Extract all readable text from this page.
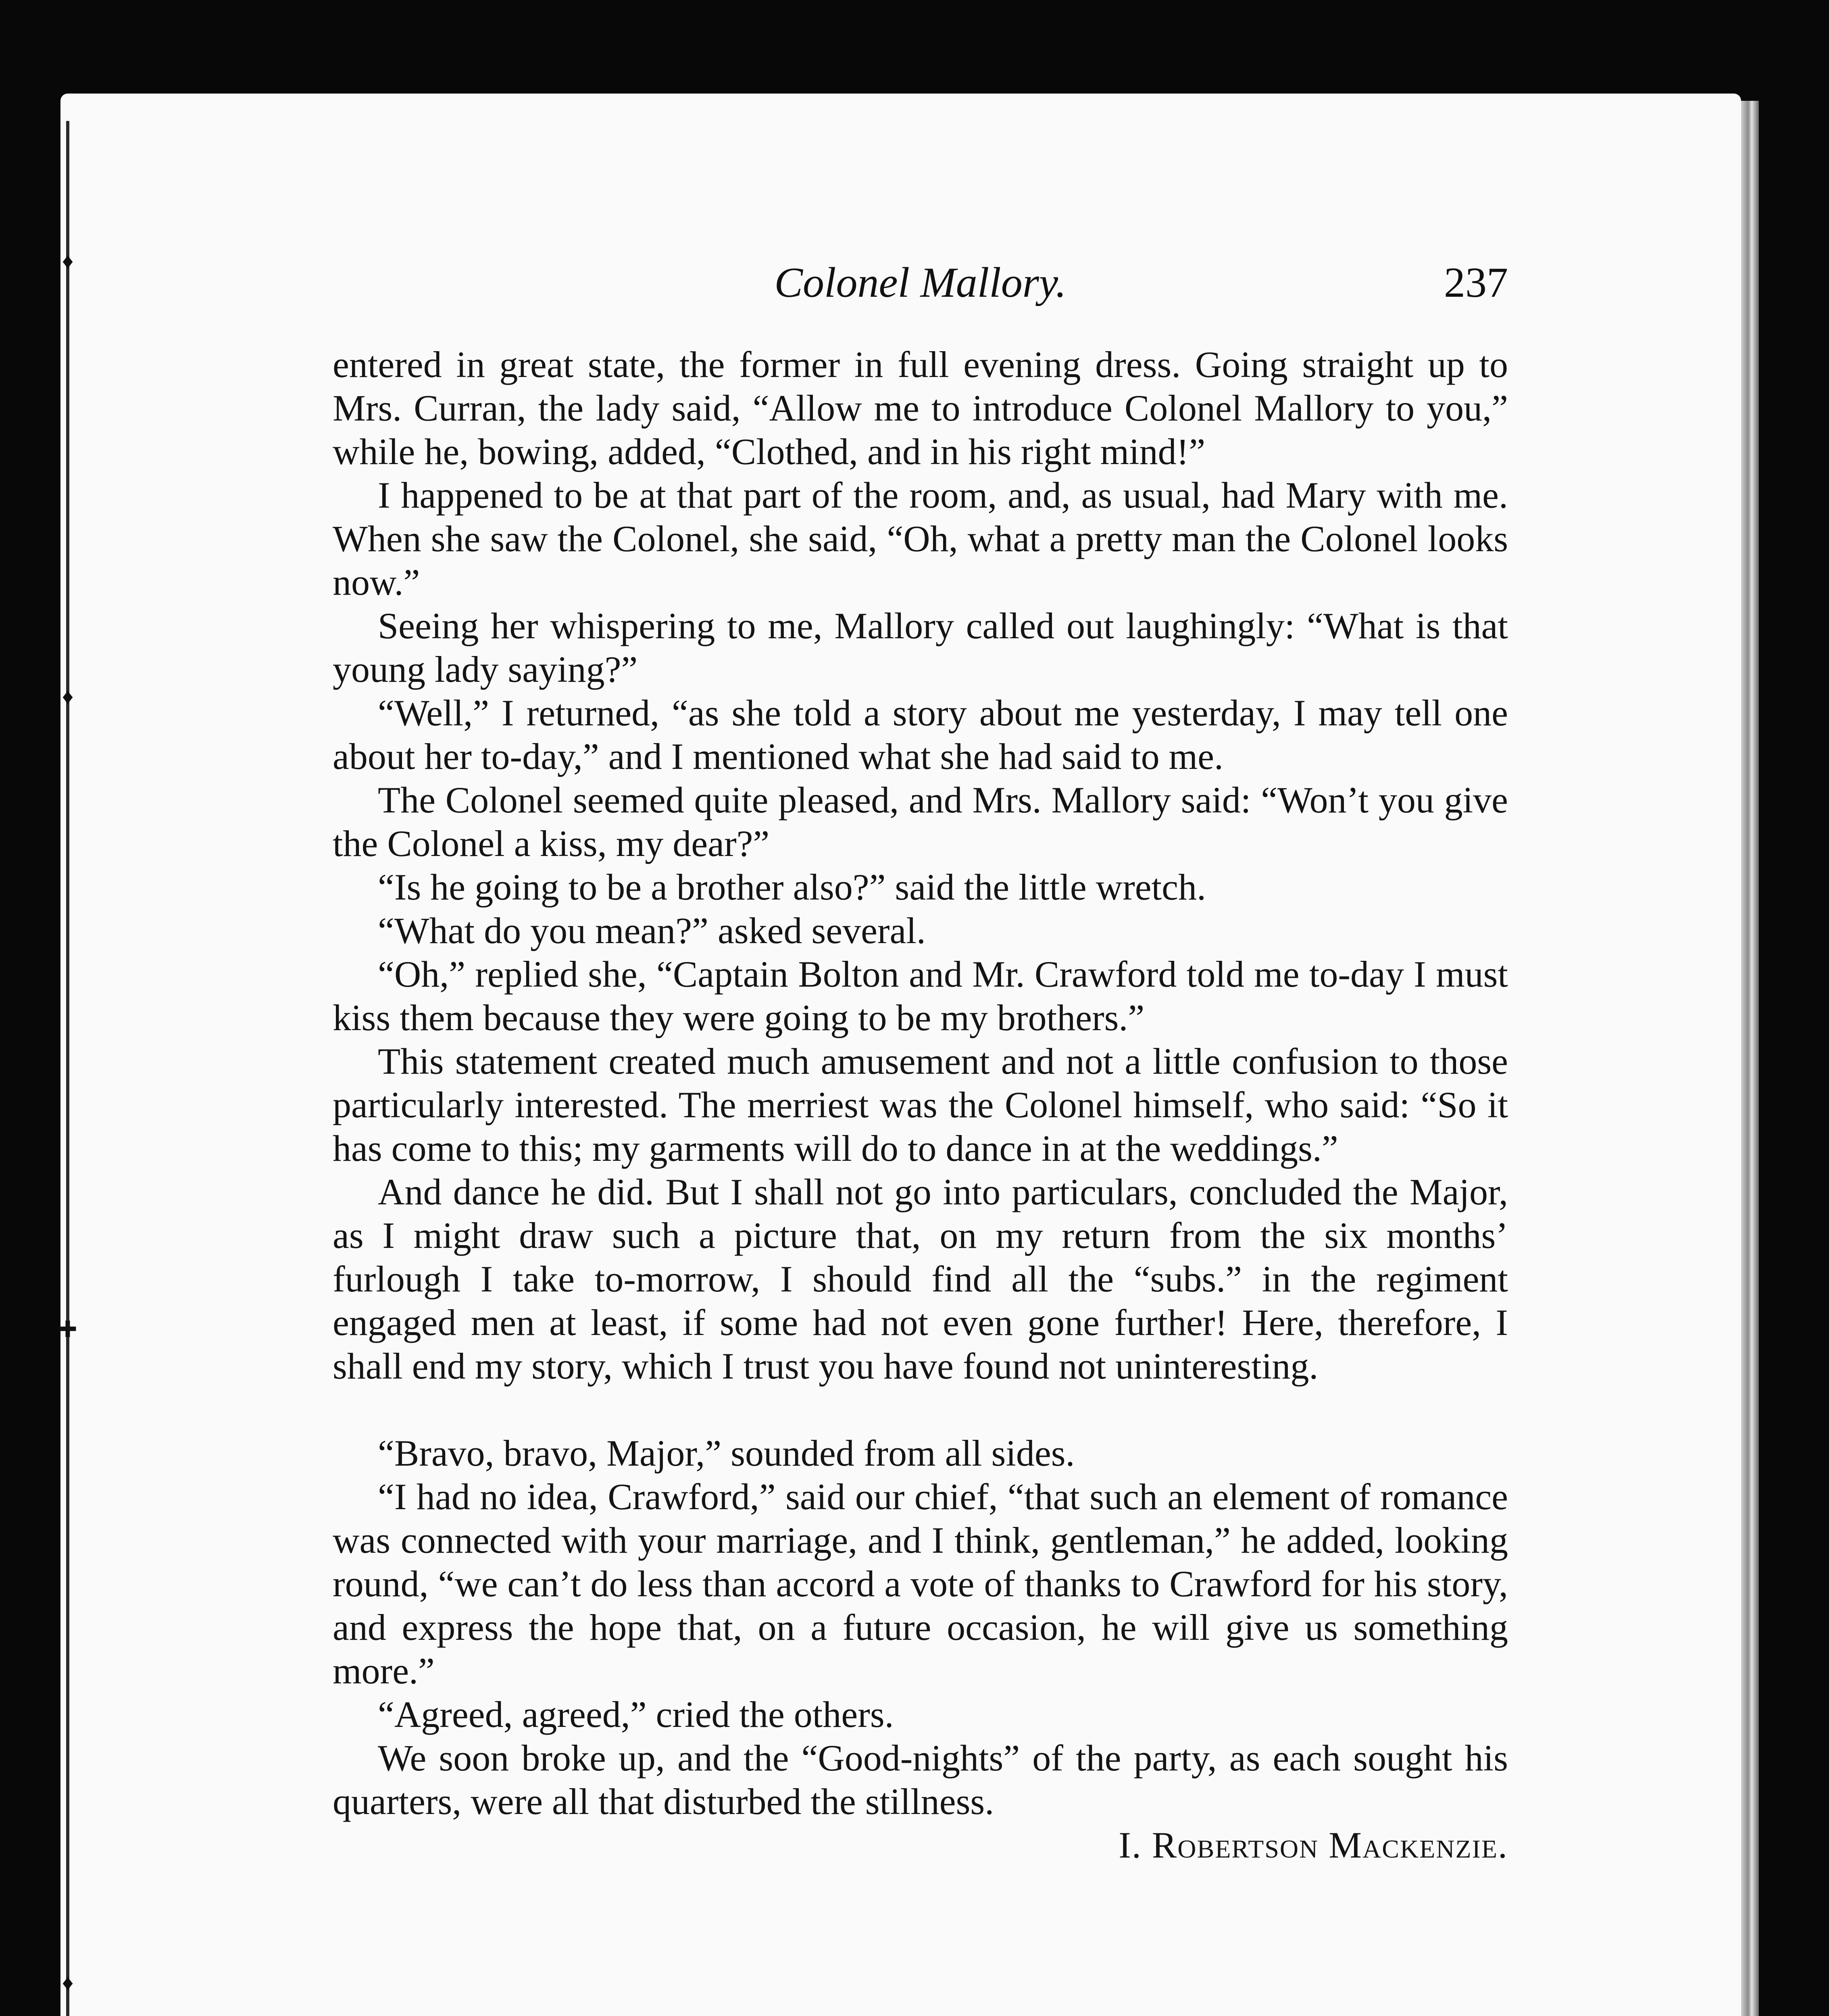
♦
♦
✚
♦
Colonel Mallory.	237

entered in great state, the former in full evening dress. Going straight up to Mrs. Curran, the lady said, “Allow me to introduce Colonel Mallory to you,” while he, bowing, added, “Clothed, and in his right mind!”

I happened to be at that part of the room, and, as usual, had Mary with me. When she saw the Colonel, she said, “Oh, what a pretty man the Colonel looks now.”

Seeing her whispering to me, Mallory called out laughingly: “What is that young lady saying?”

“Well,” I returned, “as she told a story about me yesterday, I may tell one about her to-day,” and I mentioned what she had said to me.

The Colonel seemed quite pleased, and Mrs. Mallory said: “Won’t you give the Colonel a kiss, my dear?”

“Is he going to be a brother also?” said the little wretch.

“What do you mean?” asked several.

“Oh,” replied she, “Captain Bolton and Mr. Crawford told me to-day I must kiss them because they were going to be my brothers.”

This statement created much amusement and not a little confusion to those particularly interested. The merriest was the Colonel himself, who said: “So it has come to this; my garments will do to dance in at the weddings.”

And dance he did. But I shall not go into particulars, concluded the Major, as I might draw such a picture that, on my return from the six months’ furlough I take to-morrow, I should find all the “subs.” in the regiment engaged men at least, if some had not even gone further! Here, therefore, I shall end my story, which I trust you have found not uninteresting.

“Bravo, bravo, Major,” sounded from all sides.

“I had no idea, Crawford,” said our chief, “that such an element of romance was connected with your marriage, and I think, gentleman,” he added, looking round, “we can’t do less than accord a vote of thanks to Crawford for his story, and express the hope that, on a future occasion, he will give us something more.”

“Agreed, agreed,” cried the others.

We soon broke up, and the “Good-nights” of the party, as each sought his quarters, were all that disturbed the stillness.

I. Robertson Mackenzie.
